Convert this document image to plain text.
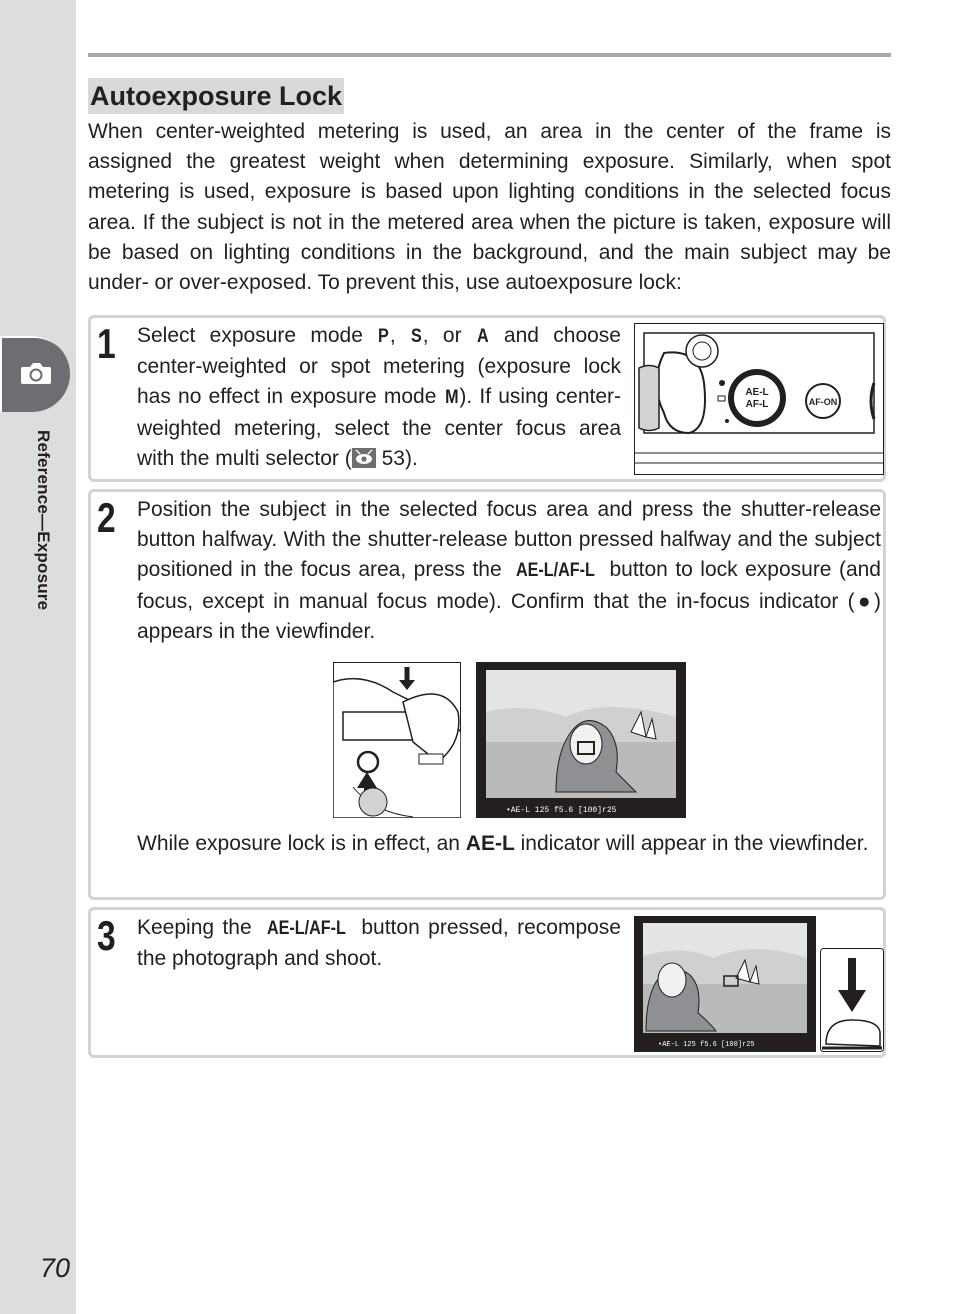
Reference—Exposure
70
Autoexposure Lock

When center-weighted metering is used, an area in the center of the frame is assigned the greatest weight when determining exposure. Similarly, when spot metering is used, exposure is based upon lighting conditions in the selected focus area. If the subject is not in the metered area when the picture is taken, exposure will be based on lighting conditions in the background, and the main subject may be under- or over-exposed. To prevent this, use autoexposure lock:

1 Select exposure mode P, S, or A and choose center-weighted or spot metering (exposure lock has no effect in exposure mode M). If using center-weighted metering, select the center focus area with the multi selector ( 53).

AE-L
AF-L	AF-ON
2 Position the subject in the selected focus area and press the shutter-release button halfway. With the shutter-release button pressed halfway and the subject positioned in the focus area, press the AE-L/AF-L button to lock exposure (and focus, except in manual focus mode). Confirm that the in-focus indicator (●) appears in the viewfinder.

•AE-L 125 f5.6 [100]r25

While exposure lock is in effect, an AE-L indicator will appear in the viewfinder.

3 Keeping the AE-L/AF-L button pressed, recompose the photograph and shoot.

•AE-L 125 f5.6 [100]r25
